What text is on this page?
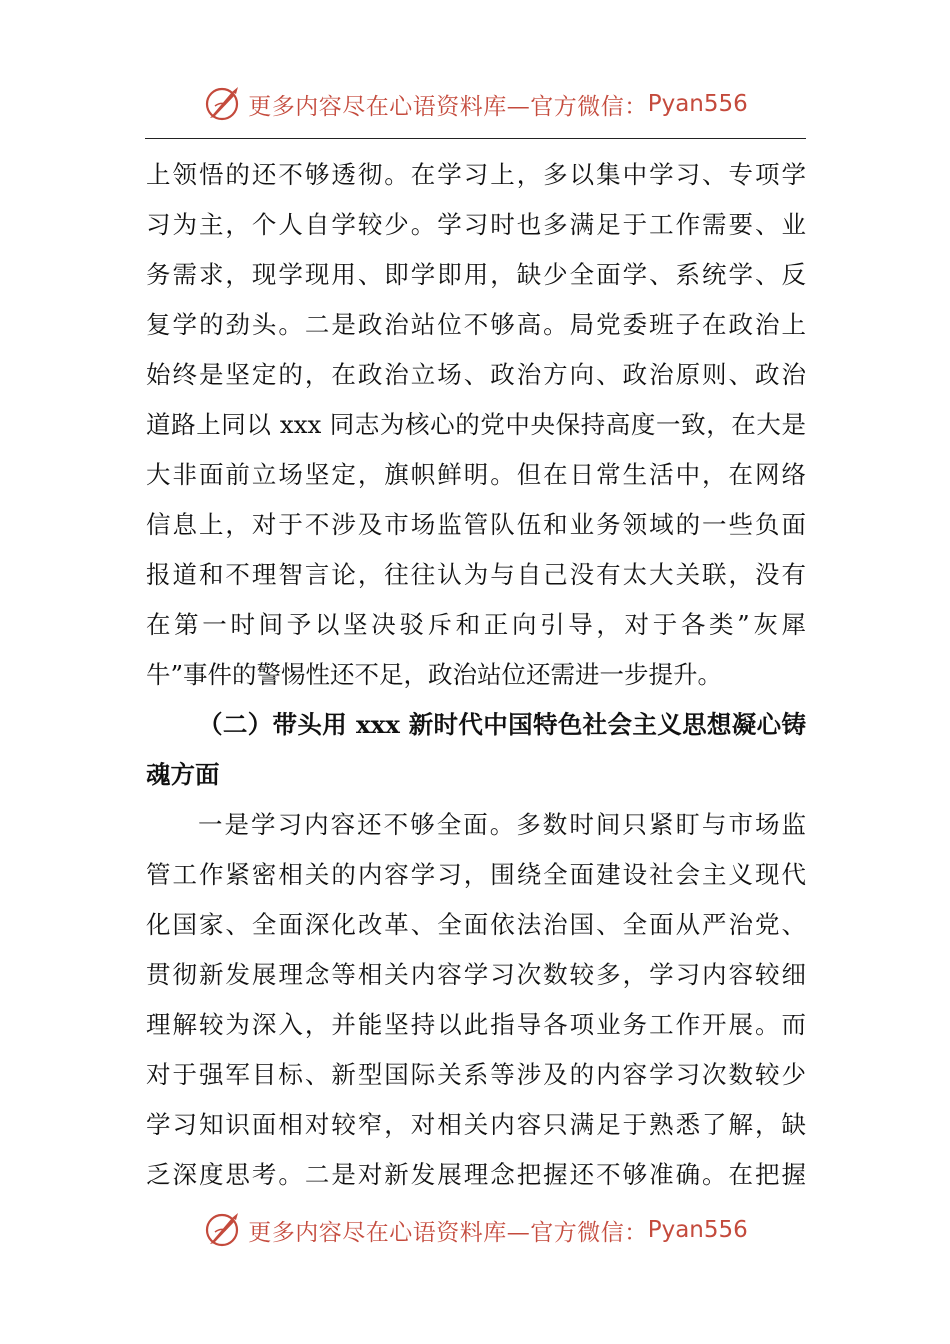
更多内容尽在心语资料库—官方微信： Pyan556
上领悟的还不够透彻。在学习上，多以集中学习、专项学
习为主，个人自学较少。学习时也多满足于工作需要、业
务需求，现学现用、即学即用，缺少全面学、系统学、反
复学的劲头。二是政治站位不够高。局党委班子在政治上
始终是坚定的，在政治立场、政治方向、政治原则、政治
道路上同以 xxx 同志为核心的党中央保持高度一致，在大是
大非面前立场坚定，旗帜鲜明。但在日常生活中，在网络
信息上，对于不涉及市场监管队伍和业务领域的一些负面
报道和不理智言论，往往认为与自己没有太大关联，没有
在第一时间予以坚决驳斥和正向引导，对于各类”灰犀
牛”事件的警惕性还不足，政治站位还需进一步提升。
（二）带头用 xxx 新时代中国特色社会主义思想凝心铸
魂方面
一是学习内容还不够全面。多数时间只紧盯与市场监
管工作紧密相关的内容学习，围绕全面建设社会主义现代
化国家、全面深化改革、全面依法治国、全面从严治党、
贯彻新发展理念等相关内容学习次数较多，学习内容较细
理解较为深入，并能坚持以此指导各项业务工作开展。而
对于强军目标、新型国际关系等涉及的内容学习次数较少
学习知识面相对较窄，对相关内容只满足于熟悉了解，缺
乏深度思考。二是对新发展理念把握还不够准确。在把握
更多内容尽在心语资料库—官方微信： Pyan556
